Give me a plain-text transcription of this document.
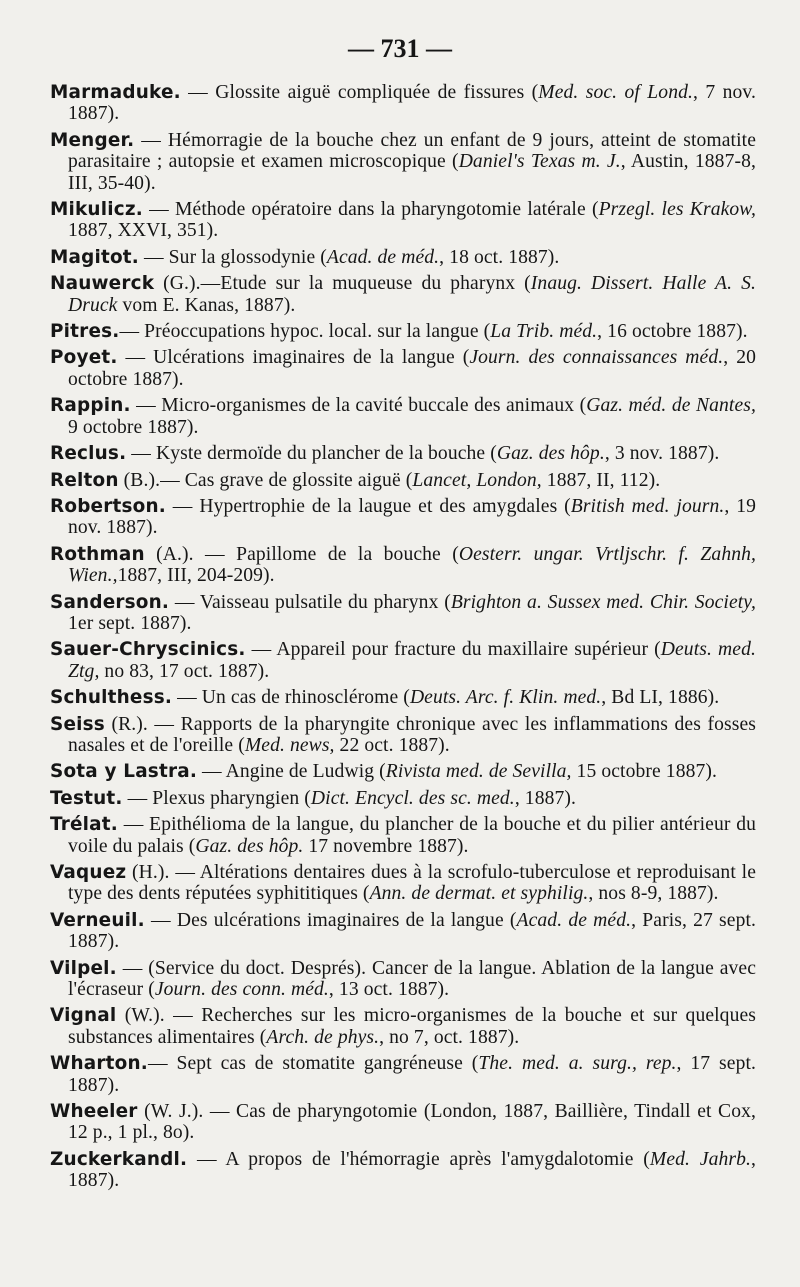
— 731 —

Marmaduke. — Glossite aiguë compliquée de fissures (Med. soc. of Lond., 7 nov. 1887).

Menger. — Hémorragie de la bouche chez un enfant de 9 jours, atteint de stomatite parasitaire ; autopsie et examen microscopique (Daniel's Texas m. J., Austin, 1887-8, III, 35-40).

Mikulicz. — Méthode opératoire dans la pharyngotomie latérale (Przegl. les Krakow, 1887, XXVI, 351).

Magitot. — Sur la glossodynie (Acad. de méd., 18 oct. 1887).

Nauwerck (G.).—Etude sur la muqueuse du pharynx (Inaug. Dissert. Halle A. S. Druck vom E. Kanas, 1887).

Pitres.— Préoccupations hypoc. local. sur la langue (La Trib. méd., 16 octobre 1887).

Poyet. — Ulcérations imaginaires de la langue (Journ. des connaissances méd., 20 octobre 1887).

Rappin. — Micro-organismes de la cavité buccale des animaux (Gaz. méd. de Nantes, 9 octobre 1887).

Reclus. — Kyste dermoïde du plancher de la bouche (Gaz. des hôp., 3 nov. 1887).

Relton (B.).— Cas grave de glossite aiguë (Lancet, London, 1887, II, 112).

Robertson. — Hypertrophie de la laugue et des amygdales (British med. journ., 19 nov. 1887).

Rothman (A.). — Papillome de la bouche (Oesterr. ungar. Vrtljschr. f. Zahnh, Wien.,1887, III, 204-209).

Sanderson. — Vaisseau pulsatile du pharynx (Brighton a. Sussex med. Chir. Society, 1er sept. 1887).

Sauer-Chryscinics. — Appareil pour fracture du maxillaire supérieur (Deuts. med. Ztg, no 83, 17 oct. 1887).

Schulthess. — Un cas de rhinosclérome (Deuts. Arc. f. Klin. med., Bd LI, 1886).

Seiss (R.). — Rapports de la pharyngite chronique avec les inflammations des fosses nasales et de l'oreille (Med. news, 22 oct. 1887).

Sota y Lastra. — Angine de Ludwig (Rivista med. de Sevilla, 15 octobre 1887).

Testut. — Plexus pharyngien (Dict. Encycl. des sc. med., 1887).

Trélat. — Epithélioma de la langue, du plancher de la bouche et du pilier antérieur du voile du palais (Gaz. des hôp. 17 novembre 1887).

Vaquez (H.). — Altérations dentaires dues à la scrofulo-tuberculose et reproduisant le type des dents réputées syphititiques (Ann. de dermat. et syphilig., nos 8-9, 1887).

Verneuil. — Des ulcérations imaginaires de la langue (Acad. de méd., Paris, 27 sept. 1887).

Vilpel. — (Service du doct. Després). Cancer de la langue. Ablation de la langue avec l'écraseur (Journ. des conn. méd., 13 oct. 1887).

Vignal (W.). — Recherches sur les micro-organismes de la bouche et sur quelques substances alimentaires (Arch. de phys., no 7, oct. 1887).

Wharton.— Sept cas de stomatite gangréneuse (The. med. a. surg., rep., 17 sept. 1887).

Wheeler (W. J.). — Cas de pharyngotomie (London, 1887, Baillière, Tindall et Cox, 12 p., 1 pl., 8o).

Zuckerkandl. — A propos de l'hémorragie après l'amygdalotomie (Med. Jahrb., 1887).
